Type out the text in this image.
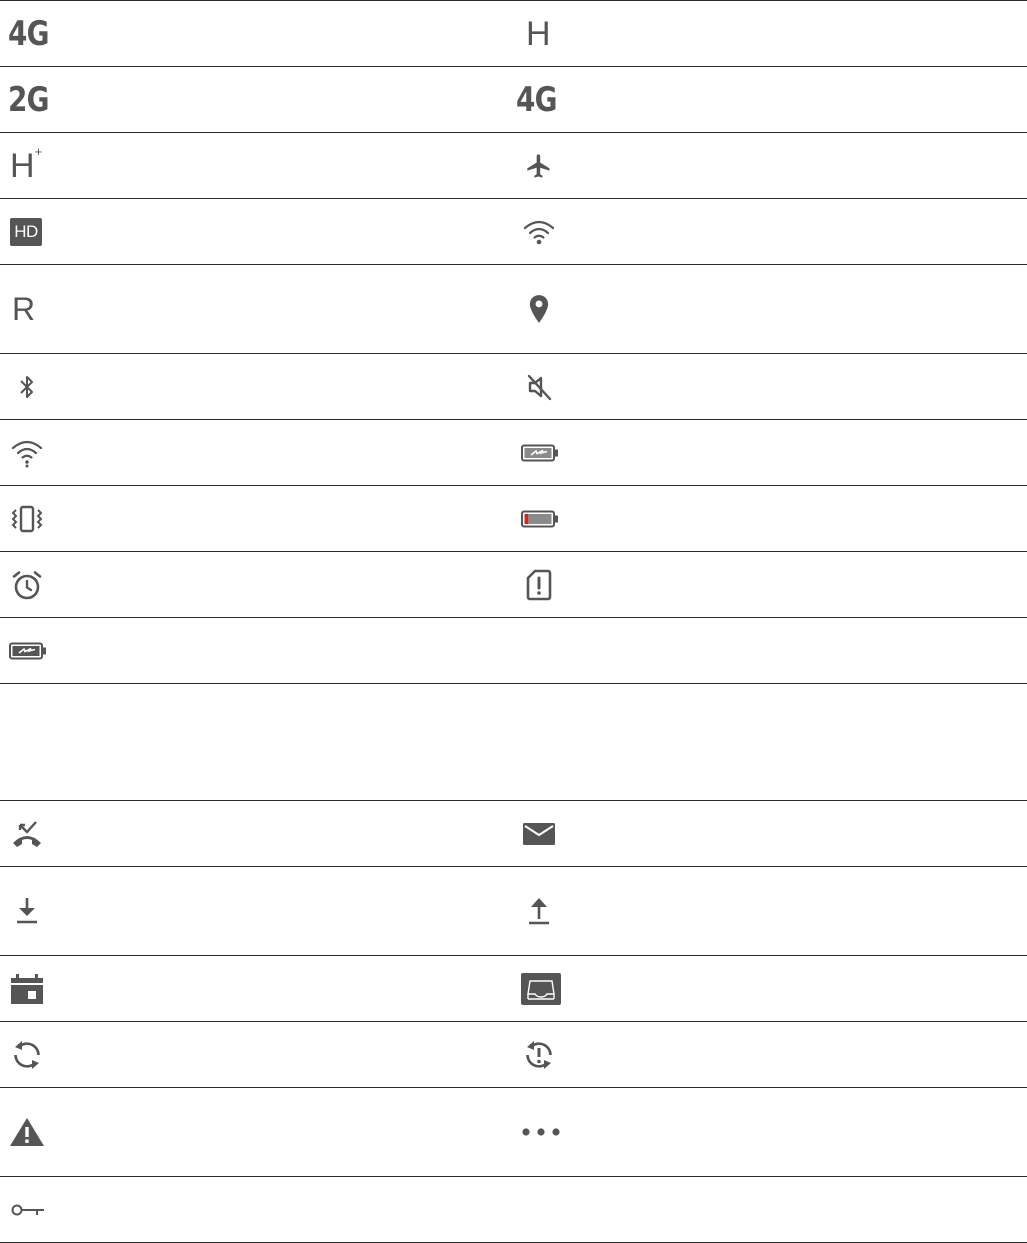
4G	H
2G	4G
H +
HD
R
